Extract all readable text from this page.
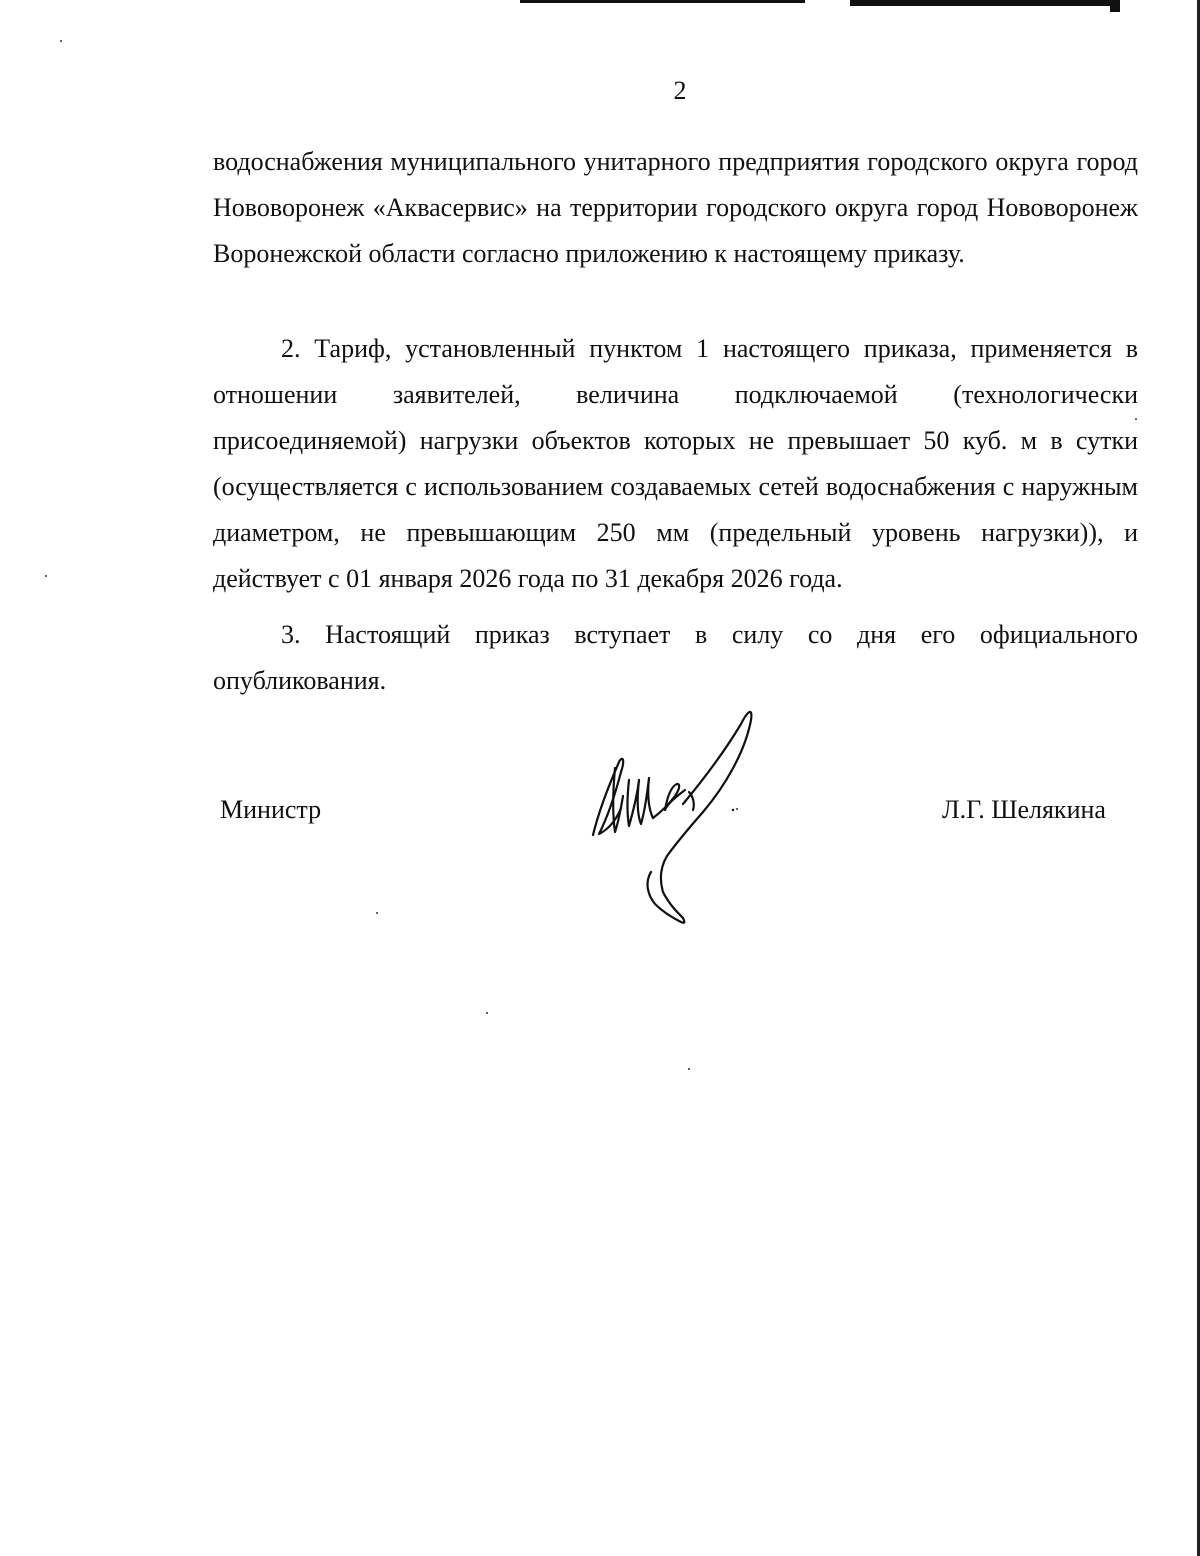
2

водоснабжения муниципального унитарного предприятия городского округа город Нововоронеж «Аквасервис» на территории городского округа город Нововоронеж Воронежской области согласно приложению к настоящему приказу.

2. Тариф, установленный пунктом 1 настоящего приказа, применяется в отношении заявителей, величина подключаемой (технологически присоединяемой) нагрузки объектов которых не превышает 50 куб. м в сутки (осуществляется с использованием создаваемых сетей водоснабжения с наружным диаметром, не превышающим 250 мм (предельный уровень нагрузки)), и действует с 01 января 2026 года по 31 декабря 2026 года.

3. Настоящий приказ вступает в силу со дня его официального опубликования.

Министр	Л.Г. Шелякина
